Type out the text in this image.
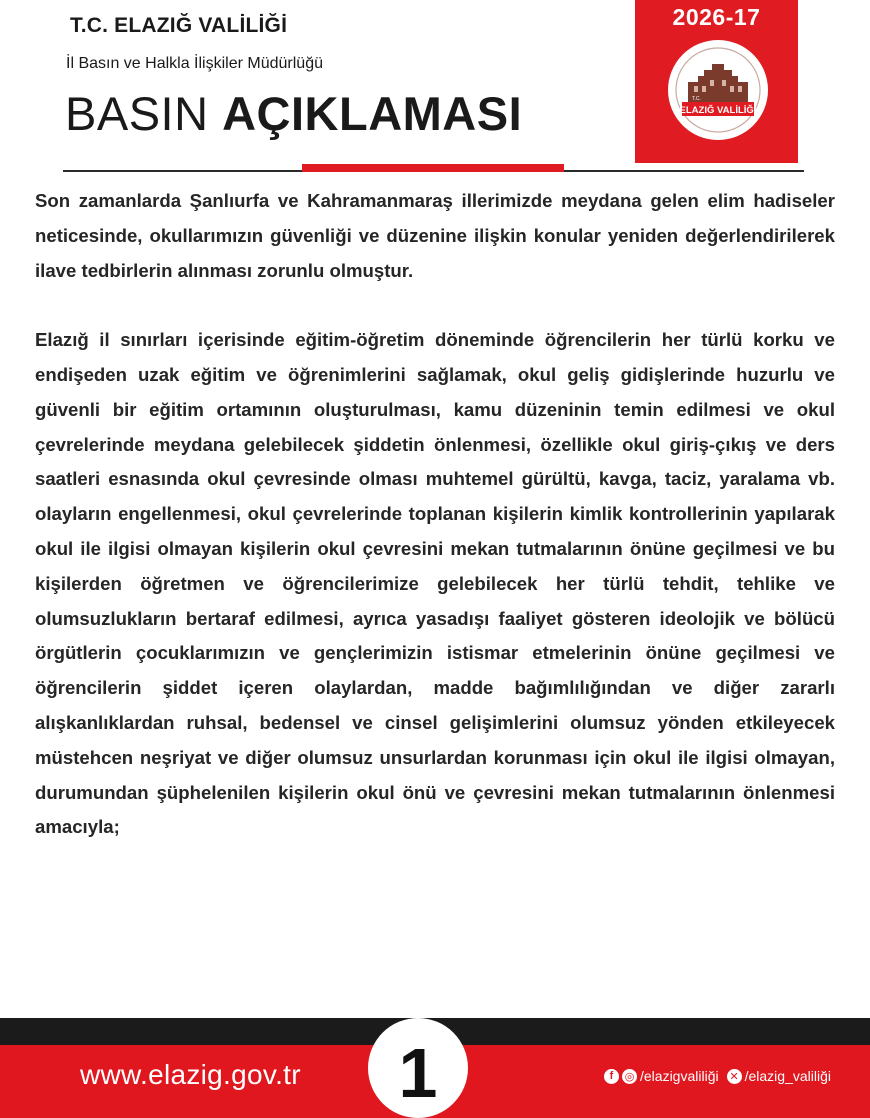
T.C. ELAZIĞ VALİLİĞİ
İl Basın ve Halkla İlişkiler Müdürlüğü
BASIN AÇIKLAMASI
2026-17
ELAZIĞ VALİLİĞİ
T.C.

Son zamanlarda Şanlıurfa ve Kahramanmaraş illerimizde meydana gelen elim hadiseler neticesinde, okullarımızın güvenliği ve düzenine ilişkin konular yeniden değerlendirilerek ilave tedbirlerin alınması zorunlu olmuştur.

Elazığ il sınırları içerisinde eğitim-öğretim döneminde öğrencilerin her türlü korku ve endişeden uzak eğitim ve öğrenimlerini sağlamak, okul geliş gidişlerinde huzurlu ve güvenli bir eğitim ortamının oluşturulması, kamu düzeninin temin edilmesi ve okul çevrelerinde meydana gelebilecek şiddetin önlenmesi, özellikle okul giriş-çıkış ve ders saatleri esnasında okul çevresinde olması muhtemel gürültü, kavga, taciz, yaralama vb. olayların engellenmesi, okul çevrelerinde toplanan kişilerin kimlik kontrollerinin yapılarak okul ile ilgisi olmayan kişilerin okul çevresini mekan tutmalarının önüne geçilmesi ve bu kişilerden öğretmen ve öğrencilerimize gelebilecek her türlü tehdit, tehlike ve olumsuzlukların bertaraf edilmesi, ayrıca yasadışı faaliyet gösteren ideolojik ve bölücü örgütlerin çocuklarımızın ve gençlerimizin istismar etmelerinin önüne geçilmesi ve öğrencilerin şiddet içeren olaylardan, madde bağımlılığından ve diğer zararlı alışkanlıklardan ruhsal, bedensel ve cinsel gelişimlerini olumsuz yönden etkileyecek müstehcen neşriyat ve diğer olumsuz unsurlardan korunması için okul ile ilgisi olmayan, durumundan şüphelenilen kişilerin okul önü ve çevresini mekan tutmalarının önlenmesi amacıyla;

www.elazig.gov.tr	1	f	◎ /elazigvaliliği ✕ /elazig_valiliği
